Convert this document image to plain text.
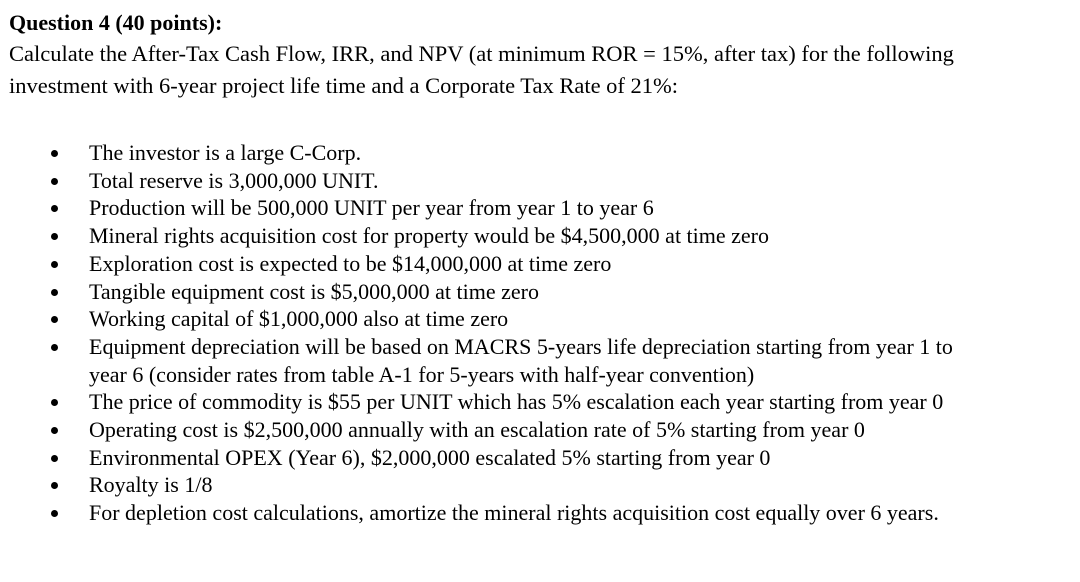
Question 4 (40 points):
Calculate the After-Tax Cash Flow, IRR, and NPV (at minimum ROR = 15%, after tax) for the following
investment with 6-year project life time and a Corporate Tax Rate of 21%:
The investor is a large C-Corp.
Total reserve is 3,000,000 UNIT.
Production will be 500,000 UNIT per year from year 1 to year 6
Mineral rights acquisition cost for property would be $4,500,000 at time zero
Exploration cost is expected to be $14,000,000 at time zero
Tangible equipment cost is $5,000,000 at time zero
Working capital of $1,000,000 also at time zero
Equipment depreciation will be based on MACRS 5-years life depreciation starting from year 1 to
year 6 (consider rates from table A-1 for 5-years with half-year convention)
The price of commodity is $55 per UNIT which has 5% escalation each year starting from year 0
Operating cost is $2,500,000 annually with an escalation rate of 5% starting from year 0
Environmental OPEX (Year 6), $2,000,000 escalated 5% starting from year 0
Royalty is 1/8
For depletion cost calculations, amortize the mineral rights acquisition cost equally over 6 years.
